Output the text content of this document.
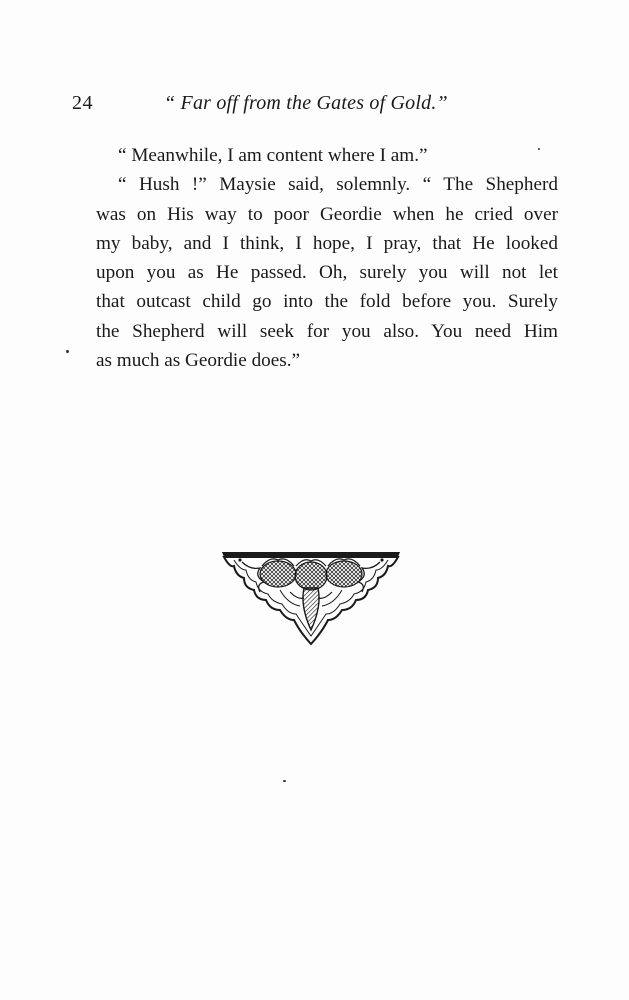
24	“ Far off from the Gates of Gold.”
“ Meanwhile, I am content where I am.”
“ Hush !” Maysie said, solemnly. “ The Shepherd
was on His way to poor Geordie when he cried over
my baby, and I think, I hope, I pray, that He looked
upon you as He passed. Oh, surely you will not let
that outcast child go into the fold before you. Surely
the Shepherd will seek for you also. You need Him
as much as Geordie does.”
